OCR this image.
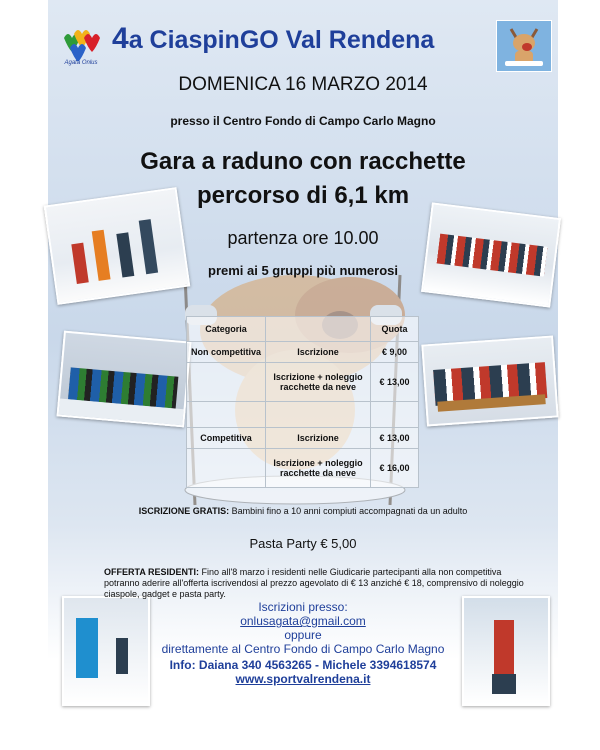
Agata Onlus
4a CiaspinGO Val Rendena
DOMENICA 16 MARZO 2014
presso il Centro Fondo di Campo Carlo Magno
Gara a raduno con racchette
percorso di 6,1 km
partenza ore 10.00
premi ai 5 gruppi più numerosi
Categoria		Quota
Non competitiva	Iscrizione	€ 9,00
	Iscrizione + noleggio racchette da neve	€ 13,00

Competitiva	Iscrizione	€ 13,00
	Iscrizione + noleggio racchette da neve	€ 16,00
ISCRIZIONE GRATIS: Bambini fino a 10 anni compiuti accompagnati da un adulto
Pasta Party € 5,00
OFFERTA RESIDENTI: Fino all'8 marzo i residenti nelle Giudicarie partecipanti alla non competitiva potranno aderire all'offerta iscrivendosi al prezzo agevolato di € 13 anziché € 18, comprensivo di noleggio ciaspole, gadget e pasta party.
Iscrizioni presso:
onlusagata@gmail.com
oppure
direttamente al Centro Fondo di Campo Carlo Magno
Info: Daiana 340 4563265 - Michele 3394618574
www.sportvalrendena.it
